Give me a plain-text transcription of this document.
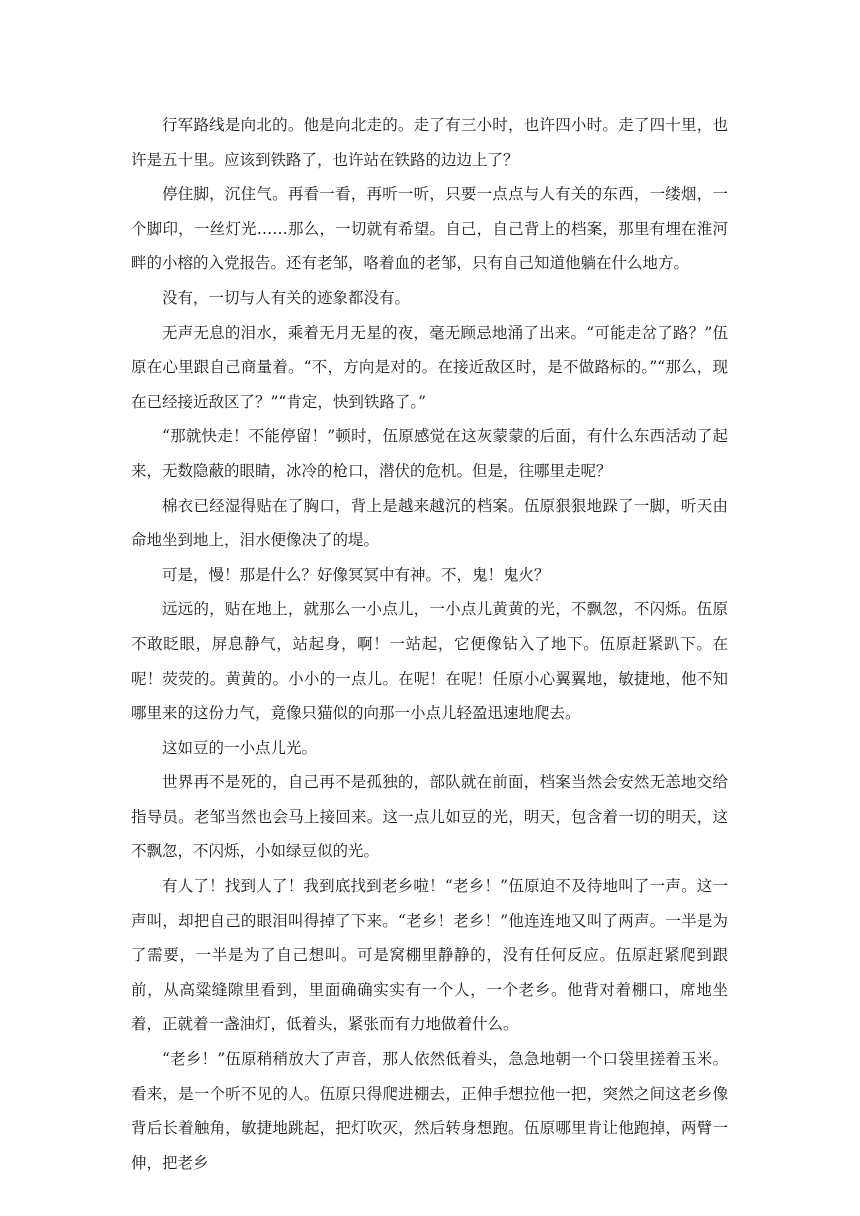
行军路线是向北的。他是向北走的。走了有三小时，也许四小时。走了四十里，也许是五十里。应该到铁路了，也许站在铁路的边边上了？

停住脚，沉住气。再看一看，再听一听，只要一点点与人有关的东西，一缕烟，一个脚印，一丝灯光……那么，一切就有希望。自己，自己背上的档案，那里有埋在淮河畔的小榕的入党报告。还有老邹，咯着血的老邹，只有自己知道他躺在什么地方。

没有，一切与人有关的迹象都没有。

无声无息的泪水，乘着无月无星的夜，毫无顾忌地涌了出来。“可能走岔了路？”伍原在心里跟自己商量着。“不，方向是对的。在接近敌区时，是不做路标的。”“那么，现在已经接近敌区了？”“肯定，快到铁路了。”

“那就快走！不能停留！”顿时，伍原感觉在这灰蒙蒙的后面，有什么东西活动了起来，无数隐蔽的眼睛，冰冷的枪口，潜伏的危机。但是，往哪里走呢？

棉衣已经湿得贴在了胸口，背上是越来越沉的档案。伍原狠狠地跺了一脚，听天由命地坐到地上，泪水便像决了的堤。

可是，慢！那是什么？好像冥冥中有神。不，鬼！鬼火？

远远的，贴在地上，就那么一小点儿，一小点儿黄黄的光，不飘忽，不闪烁。伍原不敢眨眼，屏息静气，站起身，啊！一站起，它便像钻入了地下。伍原赶紧趴下。在呢！荧荧的。黄黄的。小小的一点儿。在呢！在呢！任原小心翼翼地，敏捷地，他不知哪里来的这份力气，竟像只猫似的向那一小点儿轻盈迅速地爬去。

这如豆的一小点儿光。

世界再不是死的，自己再不是孤独的，部队就在前面，档案当然会安然无恙地交给指导员。老邹当然也会马上接回来。这一点儿如豆的光，明天，包含着一切的明天，这不飘忽，不闪烁，小如绿豆似的光。

有人了！找到人了！我到底找到老乡啦！“老乡！”伍原迫不及待地叫了一声。这一声叫，却把自己的眼泪叫得掉了下来。“老乡！老乡！”他连连地又叫了两声。一半是为了需要，一半是为了自己想叫。可是窝棚里静静的，没有任何反应。伍原赶紧爬到跟前，从高粱缝隙里看到，里面确确实实有一个人，一个老乡。他背对着棚口，席地坐着，正就着一盏油灯，低着头，紧张而有力地做着什么。

“老乡！”伍原稍稍放大了声音，那人依然低着头，急急地朝一个口袋里搓着玉米。看来，是一个听不见的人。伍原只得爬进棚去，正伸手想拉他一把，突然之间这老乡像背后长着触角，敏捷地跳起，把灯吹灭，然后转身想跑。伍原哪里肯让他跑掉，两臂一伸，把老乡
